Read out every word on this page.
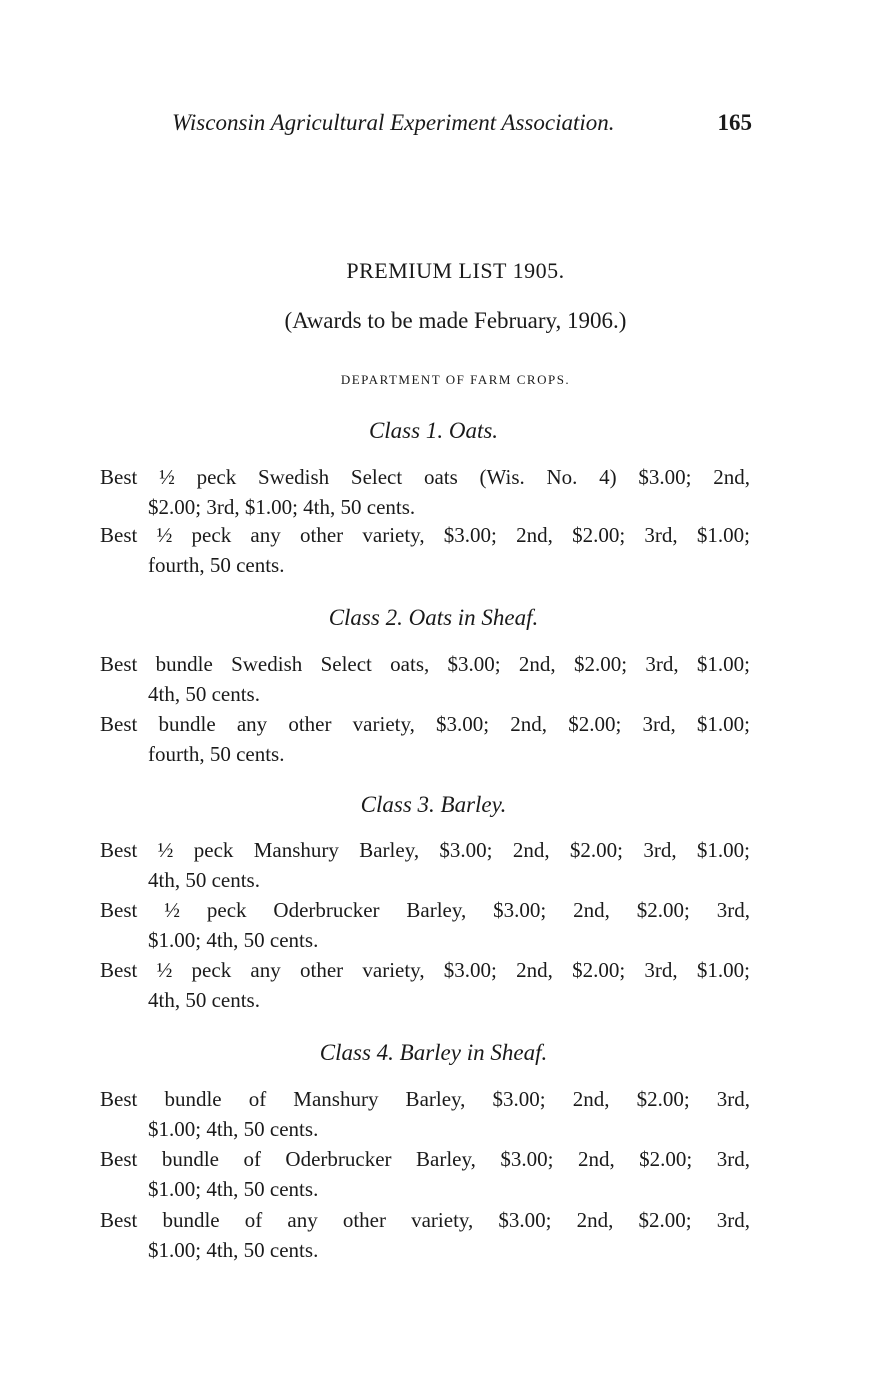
Wisconsin Agricultural Experiment Association.	165
PREMIUM LIST 1905.
(Awards to be made February, 1906.)
DEPARTMENT OF FARM CROPS.
Class 1. Oats.
Best ½ peck Swedish Select oats (Wis. No. 4) $3.00; 2nd,
$2.00; 3rd, $1.00; 4th, 50 cents.
Best ½ peck any other variety, $3.00; 2nd, $2.00; 3rd, $1.00;
fourth, 50 cents.
Class 2. Oats in Sheaf.
Best bundle Swedish Select oats, $3.00; 2nd, $2.00; 3rd, $1.00;
4th, 50 cents.
Best bundle any other variety, $3.00; 2nd, $2.00; 3rd, $1.00;
fourth, 50 cents.
Class 3. Barley.
Best ½ peck Manshury Barley, $3.00; 2nd, $2.00; 3rd, $1.00;
4th, 50 cents.
Best ½ peck Oderbrucker Barley, $3.00; 2nd, $2.00; 3rd,
$1.00; 4th, 50 cents.
Best ½ peck any other variety, $3.00; 2nd, $2.00; 3rd, $1.00;
4th, 50 cents.
Class 4. Barley in Sheaf.
Best bundle of Manshury Barley, $3.00; 2nd, $2.00; 3rd,
$1.00; 4th, 50 cents.
Best bundle of Oderbrucker Barley, $3.00; 2nd, $2.00; 3rd,
$1.00; 4th, 50 cents.
Best bundle of any other variety, $3.00; 2nd, $2.00; 3rd,
$1.00; 4th, 50 cents.
